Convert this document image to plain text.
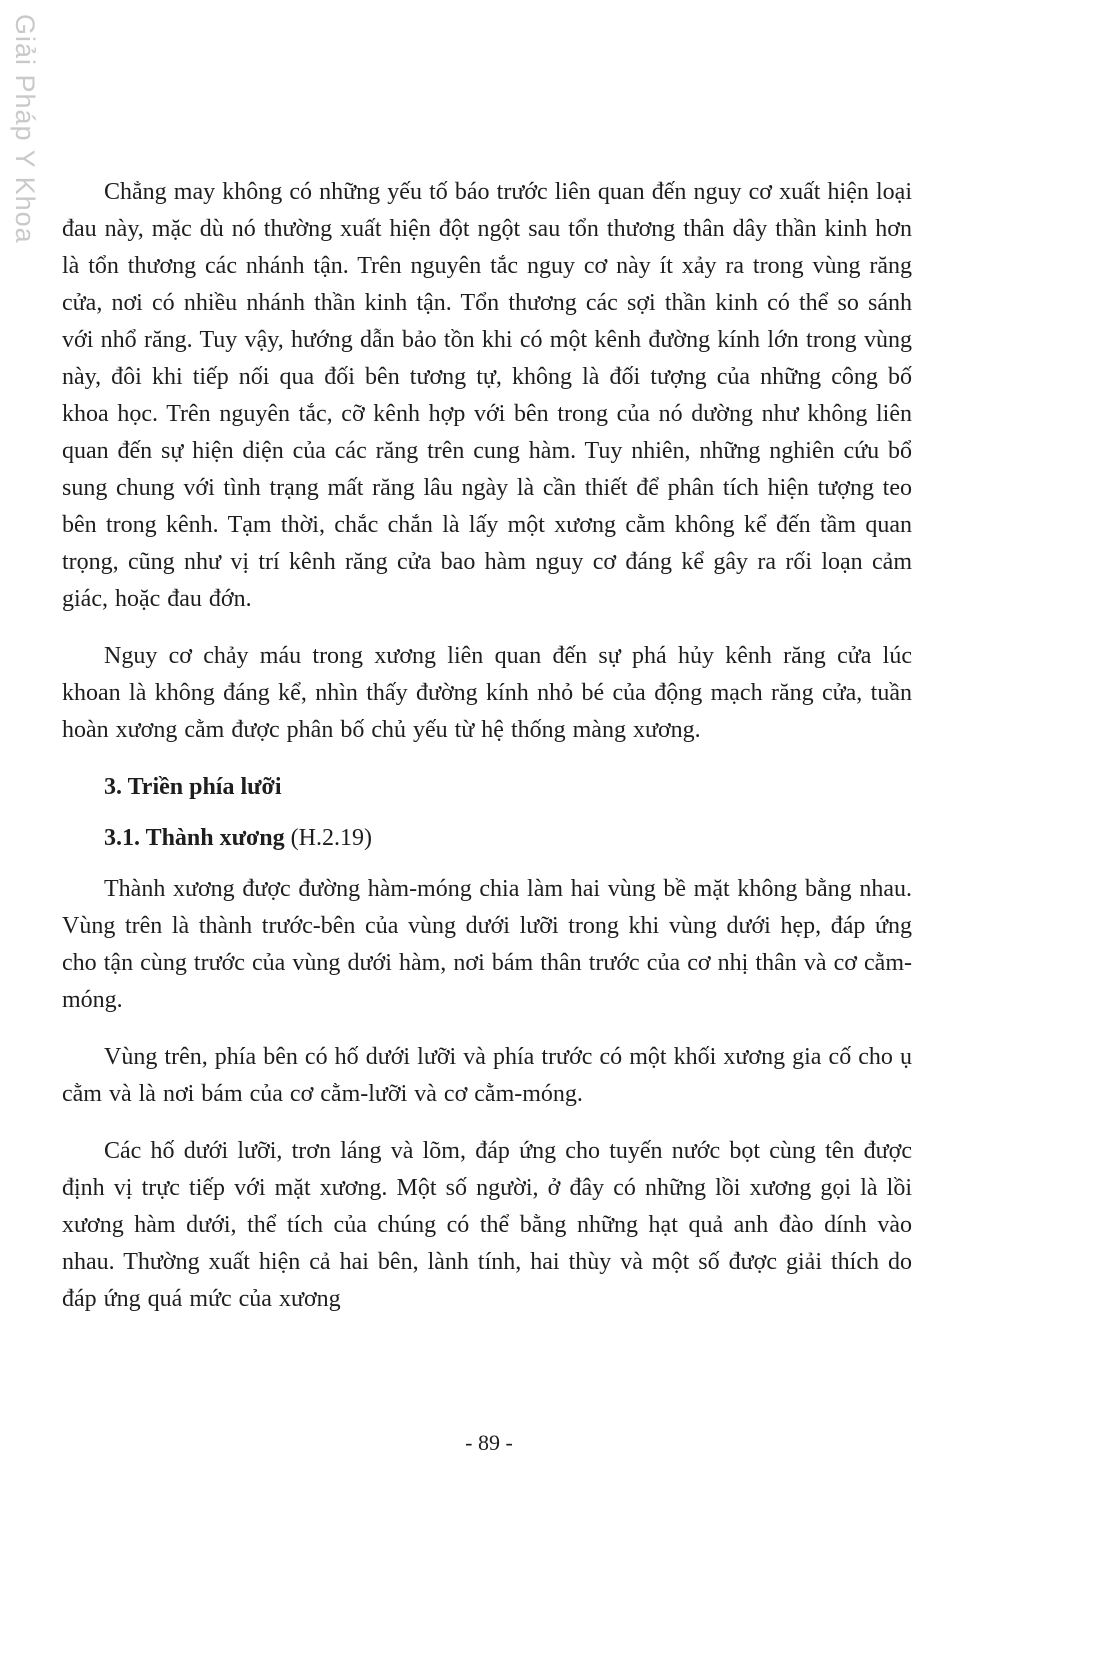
Giải Pháp Y Khoa	Chẳng may không có những yếu tố báo trước liên quan đến nguy cơ xuất hiện loại đau này, mặc dù nó thường xuất hiện đột ngột sau tổn thương thân dây thần kinh hơn là tổn thương các nhánh tận. Trên nguyên tắc nguy cơ này ít xảy ra trong vùng răng cửa, nơi có nhiều nhánh thần kinh tận. Tổn thương các sợi thần kinh có thể so sánh với nhổ răng. Tuy vậy, hướng dẫn bảo tồn khi có một kênh đường kính lớn trong vùng này, đôi khi tiếp nối qua đối bên tương tự, không là đối tượng của những công bố khoa học. Trên nguyên tắc, cỡ kênh hợp với bên trong của nó dường như không liên quan đến sự hiện diện của các răng trên cung hàm. Tuy nhiên, những nghiên cứu bổ sung chung với tình trạng mất răng lâu ngày là cần thiết để phân tích hiện tượng teo bên trong kênh. Tạm thời, chắc chắn là lấy một xương cằm không kể đến tầm quan trọng, cũng như vị trí kênh răng cửa bao hàm nguy cơ đáng kể gây ra rối loạn cảm giác, hoặc đau đớn.

Nguy cơ chảy máu trong xương liên quan đến sự phá hủy kênh răng cửa lúc khoan là không đáng kể, nhìn thấy đường kính nhỏ bé của động mạch răng cửa, tuần hoàn xương cằm được phân bố chủ yếu từ hệ thống màng xương.

3. Triền phía lưỡi
3.1. Thành xương (H.2.19)

Thành xương được đường hàm-móng chia làm hai vùng bề mặt không bằng nhau. Vùng trên là thành trước-bên của vùng dưới lưỡi trong khi vùng dưới hẹp, đáp ứng cho tận cùng trước của vùng dưới hàm, nơi bám thân trước của cơ nhị thân và cơ cằm-móng.

Vùng trên, phía bên có hố dưới lưỡi và phía trước có một khối xương gia cố cho ụ cằm và là nơi bám của cơ cằm-lưỡi và cơ cằm-móng.

Các hố dưới lưỡi, trơn láng và lõm, đáp ứng cho tuyến nước bọt cùng tên được định vị trực tiếp với mặt xương. Một số người, ở đây có những lồi xương gọi là lồi xương hàm dưới, thể tích của chúng có thể bằng những hạt quả anh đào dính vào nhau. Thường xuất hiện cả hai bên, lành tính, hai thùy và một số được giải thích do đáp ứng quá mức của xương

- 89 -
